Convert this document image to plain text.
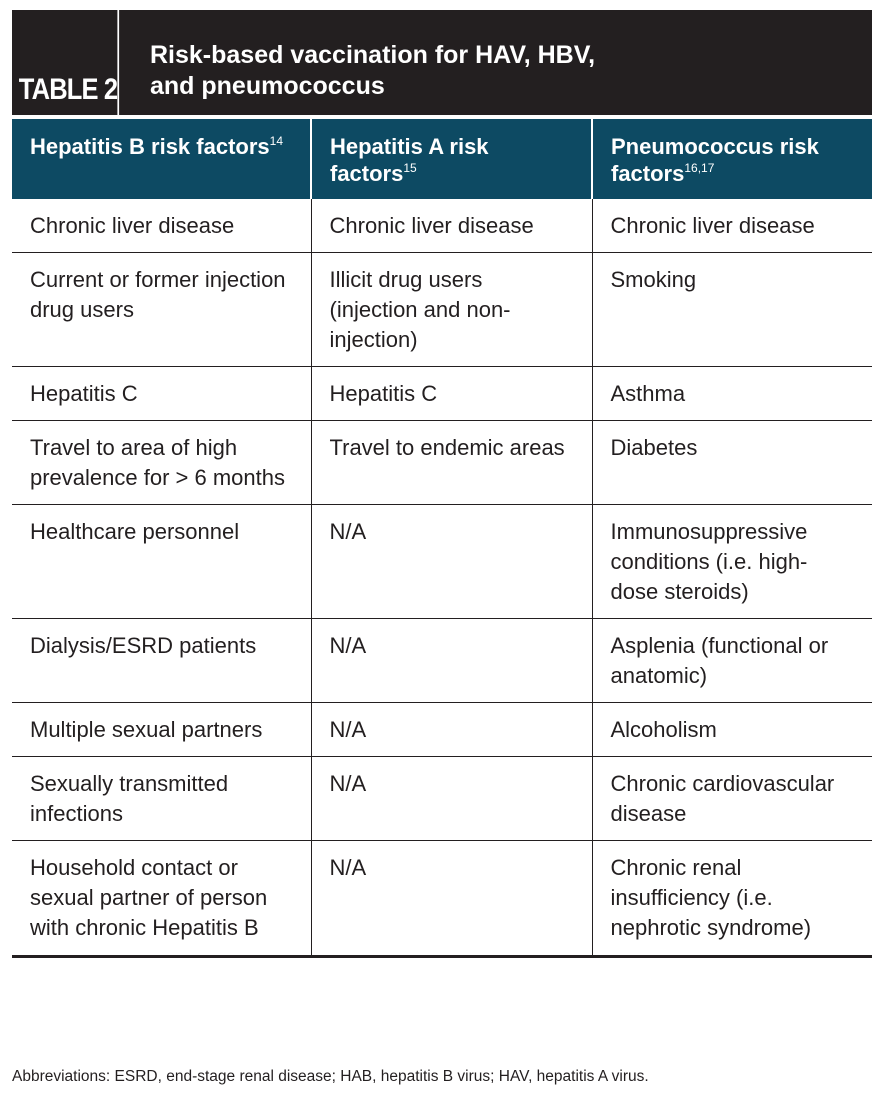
TABLE 2
Risk-based vaccination for HAV, HBV,
and pneumococcus
Hepatitis B risk factors$^{14}$	Hepatitis A risk factors$^{15}$	Pneumococcus risk factors$^{16,17}$
Chronic liver disease	Chronic liver disease	Chronic liver disease
Current or former injection drug users	Illicit drug users (injection and non-injection)	Smoking
Hepatitis C	Hepatitis C	Asthma
Travel to area of high prevalence for > 6 months	Travel to endemic areas	Diabetes
Healthcare personnel	N/A	Immunosuppressive conditions (i.e. high-dose steroids)
Dialysis/ESRD patients	N/A	Asplenia (functional or anatomic)
Multiple sexual partners	N/A	Alcoholism
Sexually transmitted infections	N/A	Chronic cardiovascular disease
Household contact or sexual partner of person with chronic Hepatitis B	N/A	Chronic renal insufficiency (i.e. nephrotic syndrome)
Abbreviations: ESRD, end-stage renal disease; HAB, hepatitis B virus; HAV, hepatitis A virus.
